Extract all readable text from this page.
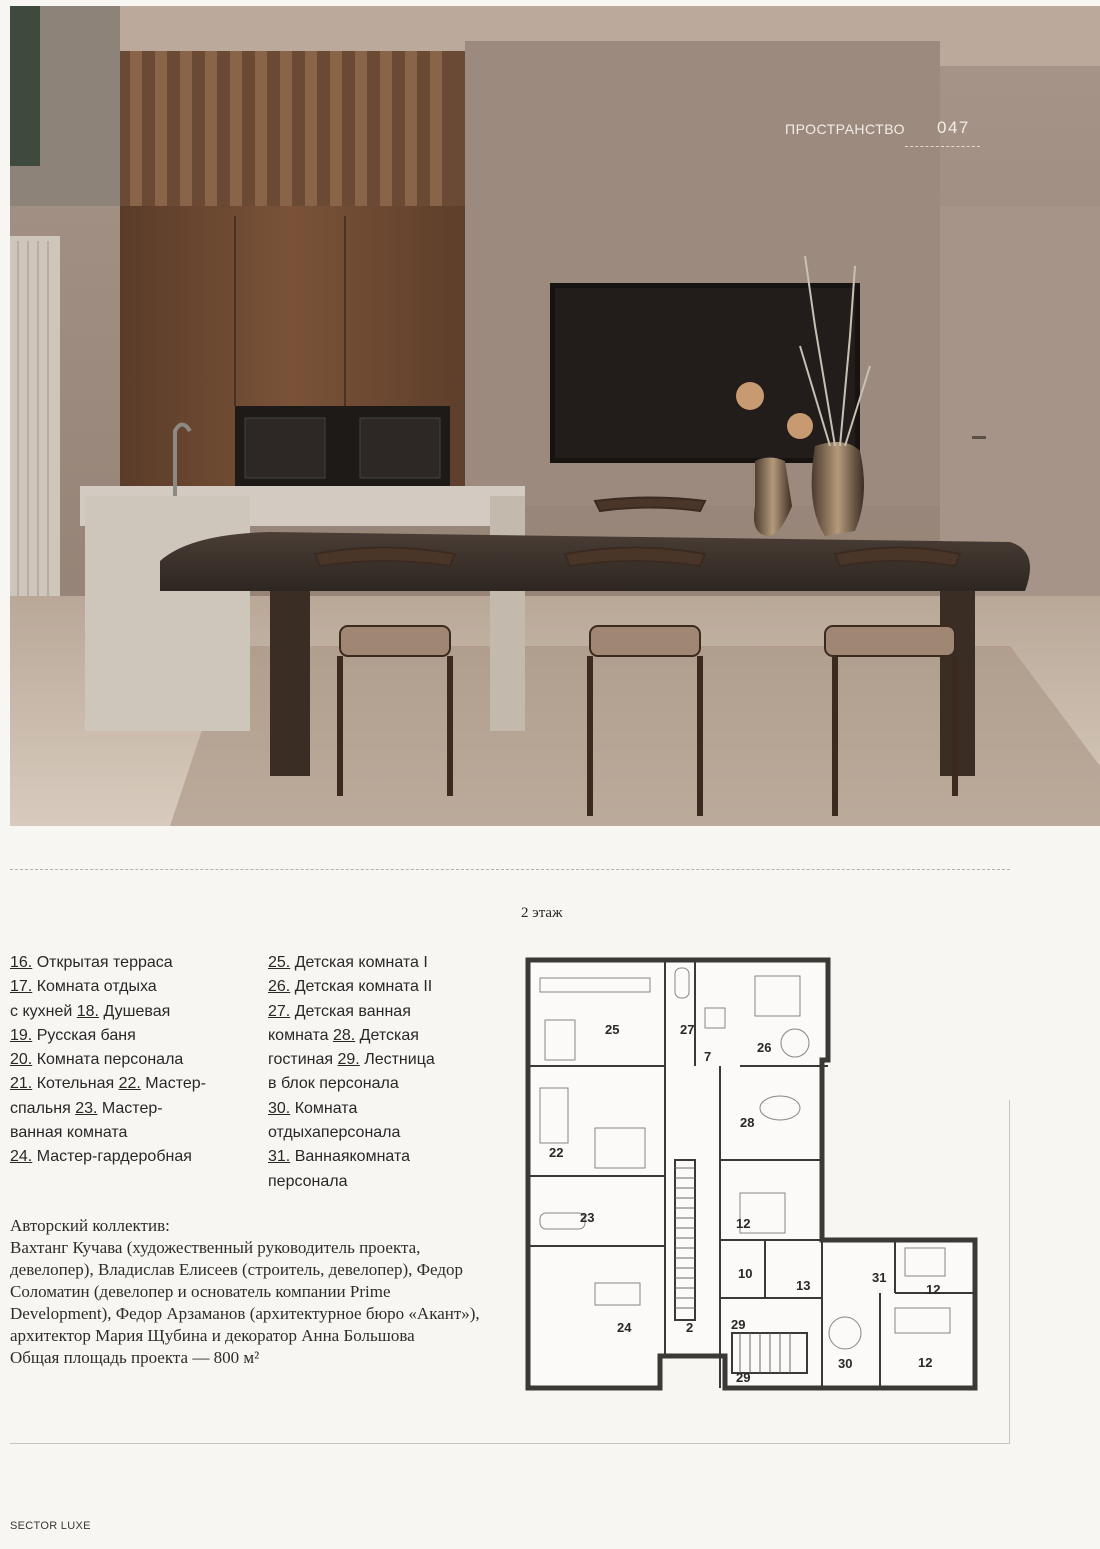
ПРОСТРАНСТВО 047
16. Открытая терраса
17. Комната отдыха
с кухней 18. Душевая
19. Русская баня
20. Комната персонала
21. Котельная 22. Мастер-
спальня 23. Мастер-
ванная комната
24. Мастер-гардеробная
25. Детская комната I
26. Детская комната II
27. Детская ванная
комната 28. Детская
гостиная 29. Лестница
в блок персонала
30. Комната отдыхаперсонала
31. Ваннаякомната персонала

Авторский коллектив:

Вахтанг Кучава (художественный руководитель проекта, девелопер), Владислав Елисеев (строитель, девелопер), Федор Соломатин (девелопер и основатель компании Prime Development), Федор Арзаманов (архитектурное бюро «Акант»), архитектор Мария Щубина и декоратор Анна Большова

Общая площадь проекта — 800 м²

2 этаж
25	27
26
7
22
28
23	12
10
13
31
12
24	2	29
30	12
29
SECTOR LUXE
